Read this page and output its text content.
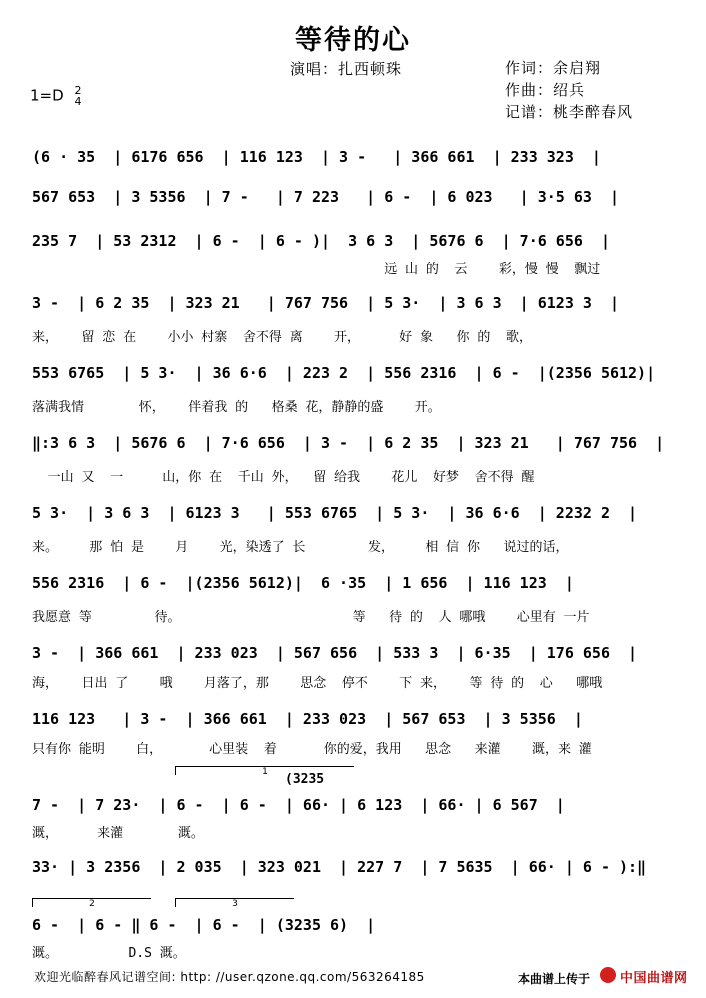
等待的心
演唱：扎西顿珠	作词：余启翔
作曲：绍兵
记谱：桃李醉春风
1=D 2
4
(6 · 35  | 6176 656  | 116 123  | 3 -   | 366 661  | 233 323  |
567 653  | 3 5356  | 7 -   | 7 223   | 6 -  | 6 023   | 3·5 63  |
235 7  | 53 2312  | 6 -  | 6 - )|  3 6 3  | 5676 6  | 7·6 656  |
远 山 的  云    彩，慢 慢  飘过
3 -  | 6 2 35  | 323 21   | 767 756  | 5 3·  | 3 6 3  | 6123 3  |
来，   留 恋 在    小小 村寨  舍不得 离    开，     好 象   你 的  歌，
553 6765  | 5 3·  | 36 6·6  | 223 2  | 556 2316  | 6 -  |(2356 5612)|
落满我情       怀，   伴着我 的   格桑 花，静静的盛    开。
‖:3 6 3  | 5676 6  | 7·6 656  | 3 -  | 6 2 35  | 323 21   | 767 756  |
一山 又  一     山，你 在  千山 外，  留 给我    花儿  好梦  舍不得 醒
5 3·  | 3 6 3  | 6123 3   | 553 6765  | 5 3·  | 36 6·6  | 2232 2  |
来。    那 怕 是    月    光，染透了 长        发，    相 信 你   说过的话，
556 2316  | 6 -  |(2356 5612)|  6 ·35  | 1 656  | 116 123  |
我愿意 等        待。                      等   待 的  人 哪哦    心里有 一片
3 -  | 366 661  | 233 023  | 567 656  | 533 3  | 6·35  | 176 656  |
海，   日出 了    哦    月落了，那    思念  停不    下 来，   等 待 的  心   哪哦
116 123   | 3 -  | 366 661  | 233 023  | 567 653  | 3 5356  |
只有你 能明    白，      心里装  着      你的爱，我用   思念   来灌    溉，来 灌
1	(3235
7 -  | 7 23·  | 6 -  | 6 -  | 66· | 6 123  | 66· | 6 567  |
溉，     来灌       溉。
33· | 3 2356  | 2 035  | 323 021  | 227 7  | 7 5635  | 66· | 6 - ):‖
2	3
6 -  | 6 - ‖ 6 -  | 6 -  | (3235 6)  |
溉。         D.S 溉。
欢迎光临醉春风记谱空间: http: //user.qzone.qq.com/563264185	本曲谱上传于 中国曲谱网
